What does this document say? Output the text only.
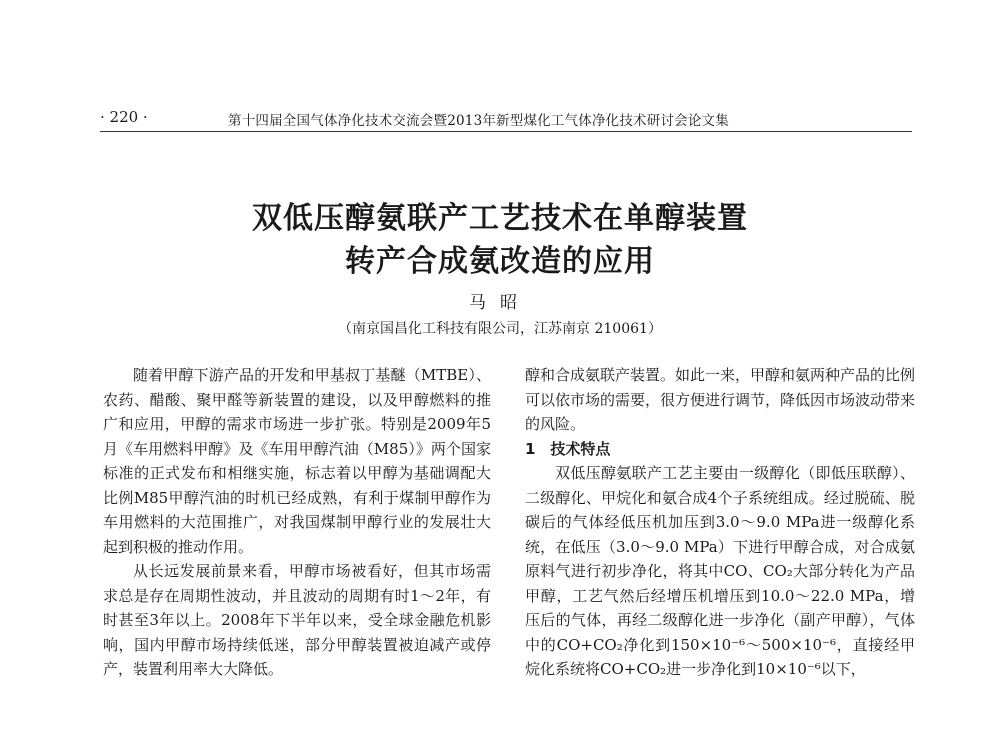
· 220 ·	第十四届全国气体净化技术交流会暨2013年新型煤化工气体净化技术研讨会论文集
双低压醇氨联产工艺技术在单醇装置
转产合成氨改造的应用
马昭
（南京国昌化工科技有限公司，江苏南京 210061）

随着甲醇下游产品的开发和甲基叔丁基醚（MTBE）、农药、醋酸、聚甲醛等新装置的建设，以及甲醇燃料的推广和应用，甲醇的需求市场进一步扩张。特别是2009年5月《车用燃料甲醇》及《车用甲醇汽油（M85）》两个国家标准的正式发布和相继实施，标志着以甲醇为基础调配大比例M85甲醇汽油的时机已经成熟，有利于煤制甲醇作为车用燃料的大范围推广，对我国煤制甲醇行业的发展壮大起到积极的推动作用。

从长远发展前景来看，甲醇市场被看好，但其市场需求总是存在周期性波动，并且波动的周期有时1～2年，有时甚至3年以上。2008年下半年以来，受全球金融危机影响，国内甲醇市场持续低迷，部分甲醇装置被迫减产或停产，装置利用率大大降低。

醇和合成氨联产装置。如此一来，甲醇和氨两种产品的比例可以依市场的需要，很方便进行调节，降低因市场波动带来的风险。

1　技术特点

双低压醇氨联产工艺主要由一级醇化（即低压联醇）、二级醇化、甲烷化和氨合成4个子系统组成。经过脱硫、脱碳后的气体经低压机加压到3.0～9.0 MPa进一级醇化系统，在低压（3.0～9.0 MPa）下进行甲醇合成，对合成氨原料气进行初步净化，将其中CO、CO₂大部分转化为产品甲醇，工艺气然后经增压机增压到10.0～22.0 MPa，增压后的气体，再经二级醇化进一步净化（副产甲醇），气体中的CO+CO₂净化到150×10⁻⁶～500×10⁻⁶，直接经甲烷化系统将CO+CO₂进一步净化到10×10⁻⁶以下，
